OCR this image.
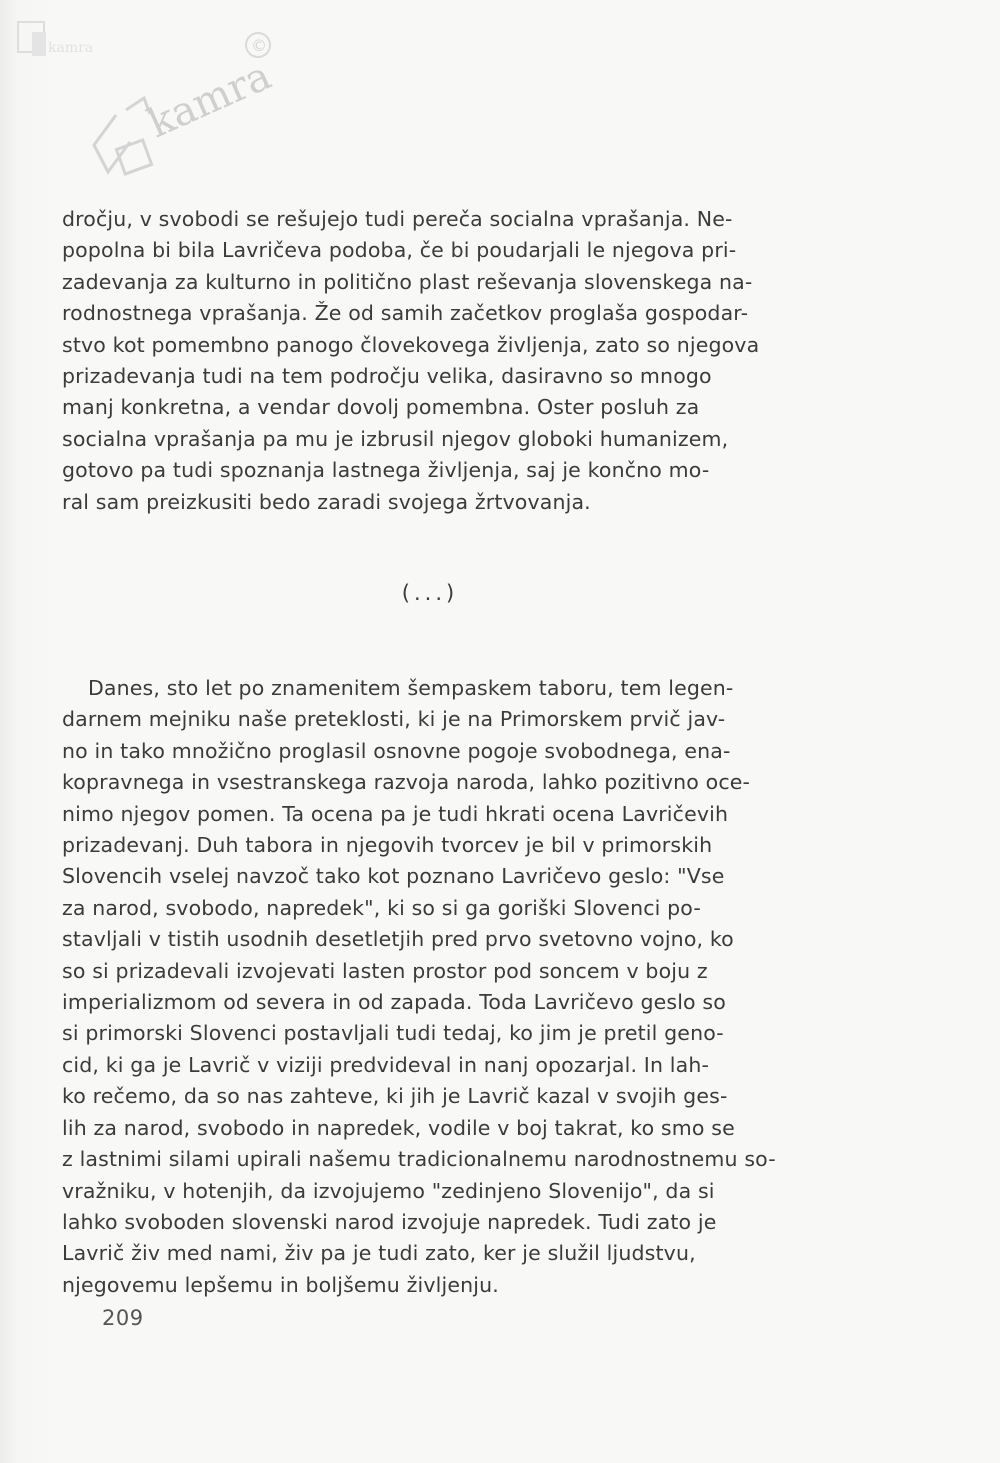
kamra
kamra
©
dročju, v svobodi se rešujejo tudi pereča socialna vprašanja. Ne-
popolna bi bila Lavričeva podoba, če bi poudarjali le njegova pri-
zadevanja za kulturno in politično plast reševanja slovenskega na-
rodnostnega vprašanja. Že od samih začetkov proglaša gospodar-
stvo kot pomembno panogo človekovega življenja, zato so njegova
prizadevanja tudi na tem področju velika, dasiravno so mnogo
manj konkretna, a vendar dovolj pomembna. Oster posluh za
socialna vprašanja pa mu je izbrusil njegov globoki humanizem,
gotovo pa tudi spoznanja lastnega življenja, saj je končno mo-
ral sam preizkusiti bedo zaradi svojega žrtvovanja.
(...)
Danes, sto let po znamenitem šempaskem taboru, tem legen-
darnem mejniku naše preteklosti, ki je na Primorskem prvič jav-
no in tako množično proglasil osnovne pogoje svobodnega, ena-
kopravnega in vsestranskega razvoja naroda, lahko pozitivno oce-
nimo njegov pomen. Ta ocena pa je tudi hkrati ocena Lavričevih
prizadevanj. Duh tabora in njegovih tvorcev je bil v primorskih
Slovencih vselej navzoč tako kot poznano Lavričevo geslo: "Vse
za narod, svobodo, napredek", ki so si ga goriški Slovenci po-
stavljali v tistih usodnih desetletjih pred prvo svetovno vojno, ko
so si prizadevali izvojevati lasten prostor pod soncem v boju z
imperializmom od severa in od zapada. Toda Lavričevo geslo so
si primorski Slovenci postavljali tudi tedaj, ko jim je pretil geno-
cid, ki ga je Lavrič v viziji predvideval in nanj opozarjal. In lah-
ko rečemo, da so nas zahteve, ki jih je Lavrič kazal v svojih ges-
lih za narod, svobodo in napredek, vodile v boj takrat, ko smo se
z lastnimi silami upirali našemu tradicionalnemu narodnostnemu so-
vražniku, v hotenjih, da izvojujemo "zedinjeno Slovenijo", da si
lahko svoboden slovenski narod izvojuje napredek. Tudi zato je
Lavrič živ med nami, živ pa je tudi zato, ker je služil ljudstvu,
njegovemu lepšemu in boljšemu življenju.
209
